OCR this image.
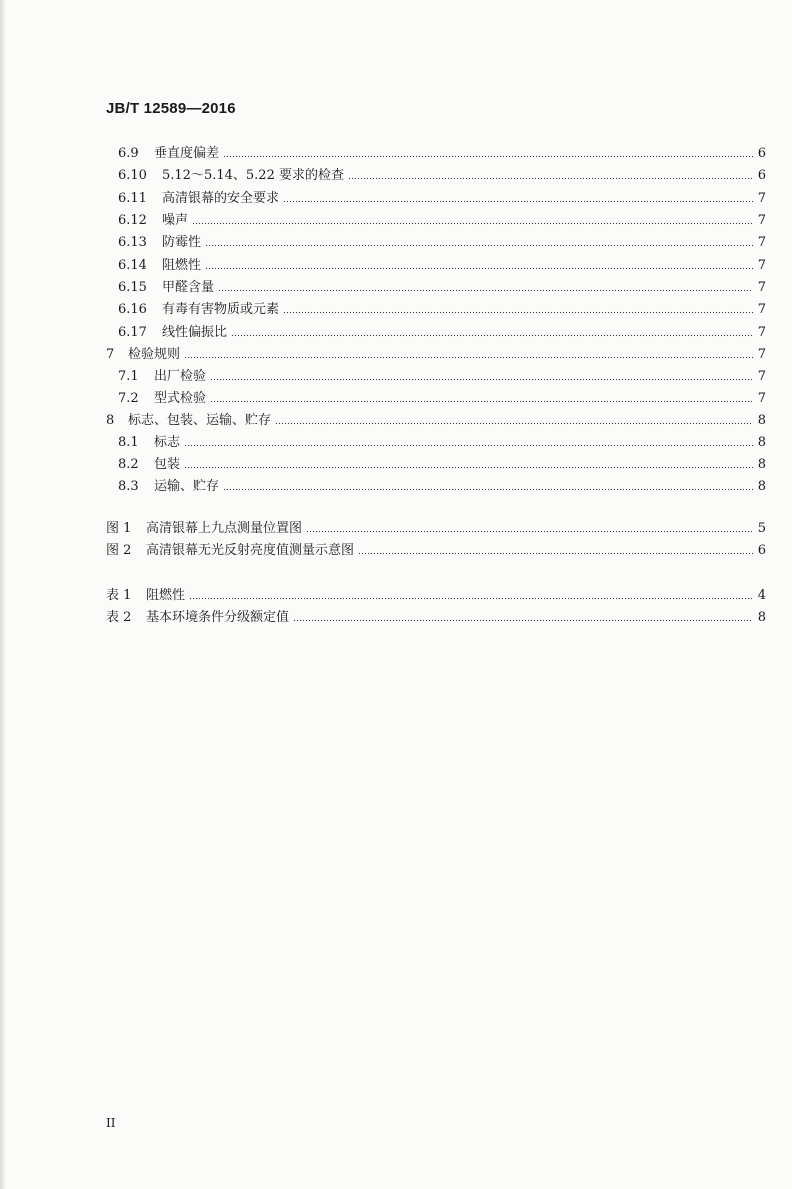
JB/T 12589—2016
6.9	垂直度偏差	6
6.10	5.12～5.14、5.22 要求的检查	6
6.11	高清银幕的安全要求	7
6.12	噪声	7
6.13	防霉性	7
6.14	阻燃性	7
6.15	甲醛含量	7
6.16	有毒有害物质或元素	7
6.17	线性偏振比	7
7	检验规则	7
7.1	出厂检验	7
7.2	型式检验	7
8	标志、包装、运输、贮存	8
8.1	标志	8
8.2	包装	8
8.3	运输、贮存	8
图 1	高清银幕上九点测量位置图	5
图 2	高清银幕无光反射亮度值测量示意图	6
表 1	阻燃性	4
表 2	基本环境条件分级额定值	8
II
